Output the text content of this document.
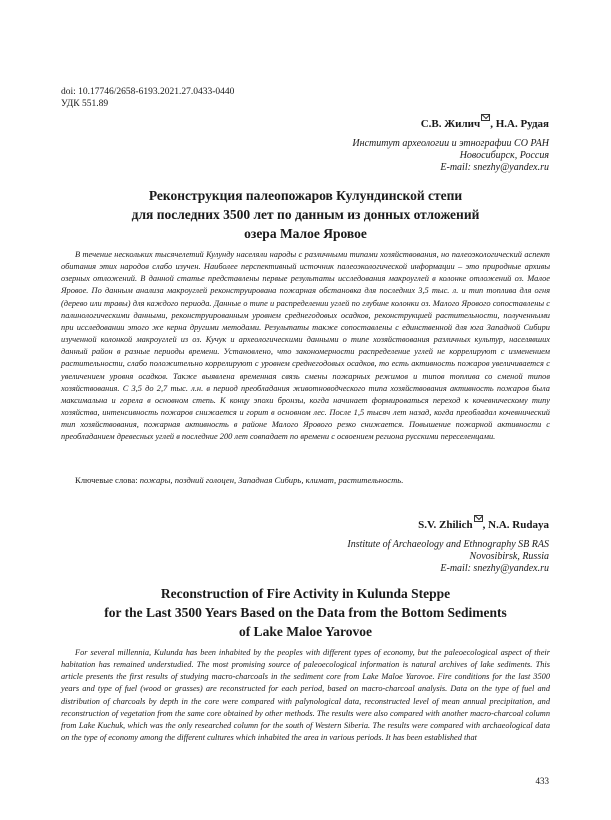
doi: 10.17746/2658-6193.2021.27.0433-0440
УДК 551.89
С.В. Жилич , Н.А. Рудая
Институт археологии и этнографии СО РАН
Новосибирск, Россия
E-mail: snezhy@yandex.ru
Реконструкция палеопожаров Кулундинской степи
для последних 3500 лет по данным из донных отложений
озера Малое Яровое
В течение нескольких тысячелетий Кулунду населяли народы с различными типами хозяйствования, но палеоэкологический аспект обитания этих народов слабо изучен. Наиболее перспективный источник палеоэкологической информации – это природные архивы озерных отложений. В данной статье представлены первые результаты исследования макроуглей в колонке отложений оз. Малое Яровое. По данным анализа макроуглей реконструирована пожарная обстановка для последних 3,5 тыс. л. и тип топлива для огня (дерево или травы) для каждого периода. Данные о типе и распределении углей по глубине колонки оз. Малого Ярового сопоставлены с палинологическими данными, реконструированным уровнем среднегодовых осадков, реконструкцией растительности, полученными при исследовании этого же керна другими методами. Результаты также сопоставлены с единственной для юга Западной Сибири изученной колонкой макроуглей из оз. Кучук и археологическими данными о типе хозяйствования различных культур, населявших данный район в разные периоды времени. Установлено, что закономерности распределение углей не коррелируют с изменением растительности, слабо положительно коррелируют с уровнем среднегодовых осадков, то есть активность пожаров увеличивается с увеличением уровня осадков. Также выявлена временная связь смены пожарных режимов и типов топлива со сменой типов хозяйствования. С 3,5 до 2,7 тыс. л.н. в период преобладания животноводческого типа хозяйствования активность пожаров была максимальна и горела в основном степь. К концу эпохи бронзы, когда начинает формироваться переход к кочевническому типу хозяйства, интенсивность пожаров снижается и горит в основном лес. После 1,5 тысяч лет назад, когда преобладал кочевнический тип хозяйствования, пожарная активность в районе Малого Ярового резко снижается. Повышение пожарной активности с преобладанием древесных углей в последние 200 лет совпадает по времени с освоением региона русскими переселенцами.
Ключевые слова: пожары, поздний голоцен, Западная Сибирь, климат, растительность.
S.V. Zhilich , N.A. Rudaya
Institute of Archaeology and Ethnography SB RAS
Novosibirsk, Russia
E-mail: snezhy@yandex.ru
Reconstruction of Fire Activity in Kulunda Steppe
for the Last 3500 Years Based on the Data from the Bottom Sediments
of Lake Maloe Yarovoe
For several millennia, Kulunda has been inhabited by the peoples with different types of economy, but the paleoecological aspect of their habitation has remained understudied. The most promising source of paleoecological information is natural archives of lake sediments. This article presents the first results of studying macro-charcoals in the sediment core from Lake Maloe Yarovoe. Fire conditions for the last 3500 years and type of fuel (wood or grasses) are reconstructed for each period, based on macro-charcoal analysis. Data on the type of fuel and distribution of charcoals by depth in the core were compared with palynological data, reconstructed level of mean annual precipitation, and reconstruction of vegetation from the same core obtained by other methods. The results were also compared with another macro-charcoal column from Lake Kuchuk, which was the only researched column for the south of Western Siberia. The results were compared with archaeological data on the type of economy among the different cultures which inhabited the area in various periods. It has been established that
433
